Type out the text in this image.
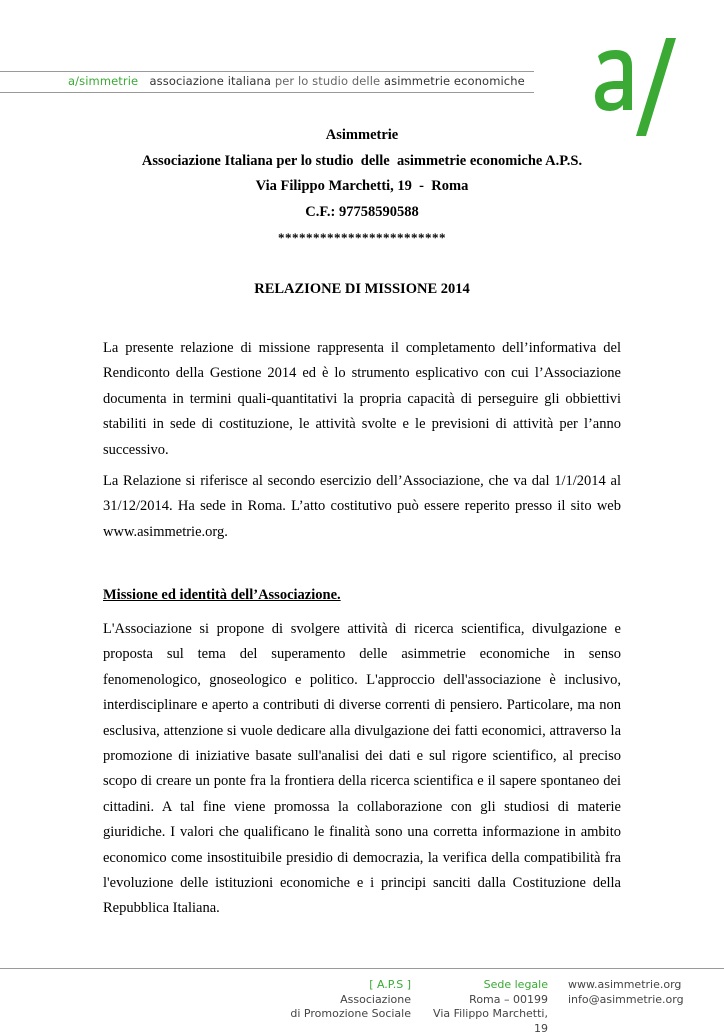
a/simmetrie associazione italiana per lo studio delle asimmetrie economiche
Asimmetrie
Associazione Italiana per lo studio  delle  asimmetrie economiche A.P.S.
Via Filippo Marchetti, 19  -  Roma
C.F.: 97758590588
************************
RELAZIONE DI MISSIONE 2014

La presente relazione di missione rappresenta il completamento dell’informativa del Rendiconto della Gestione 2014 ed è lo strumento esplicativo con cui l’Associazione documenta in termini quali-quantitativi la propria capacità di perseguire gli obbiettivi stabiliti in sede di costituzione, le attività svolte e le previsioni di attività per l’anno successivo.

La Relazione si riferisce al secondo esercizio dell’Associazione, che va dal 1/1/2014 al 31/12/2014. Ha sede in Roma. L’atto costitutivo può essere reperito presso il sito web www.asimmetrie.org.

Missione ed identità dell’Associazione.

L'Associazione si propone di svolgere attività di ricerca scientifica, divulgazione e proposta sul tema del superamento delle asimmetrie economiche in senso fenomenologico, gnoseologico e politico. L'approccio dell'associazione è inclusivo, interdisciplinare e aperto a contributi di diverse correnti di pensiero. Particolare, ma non esclusiva, attenzione si vuole dedicare alla divulgazione dei fatti economici, attraverso la promozione di iniziative basate sull'analisi dei dati e sul rigore scientifico, al preciso scopo di creare un ponte fra la frontiera della ricerca scientifica e il sapere spontaneo dei cittadini. A tal fine viene promossa la collaborazione con gli studiosi di materie giuridiche. I valori che qualificano le finalità sono una corretta informazione in ambito economico come insostituibile presidio di democrazia, la verifica della compatibilità fra l'evoluzione delle istituzioni economiche e i principi sanciti dalla Costituzione della Repubblica Italiana.

[ A.P.S ]
Associazione
di Promozione Sociale
Sede legale
Roma – 00199
Via Filippo Marchetti, 19
www.asimmetrie.org
info@asimmetrie.org
